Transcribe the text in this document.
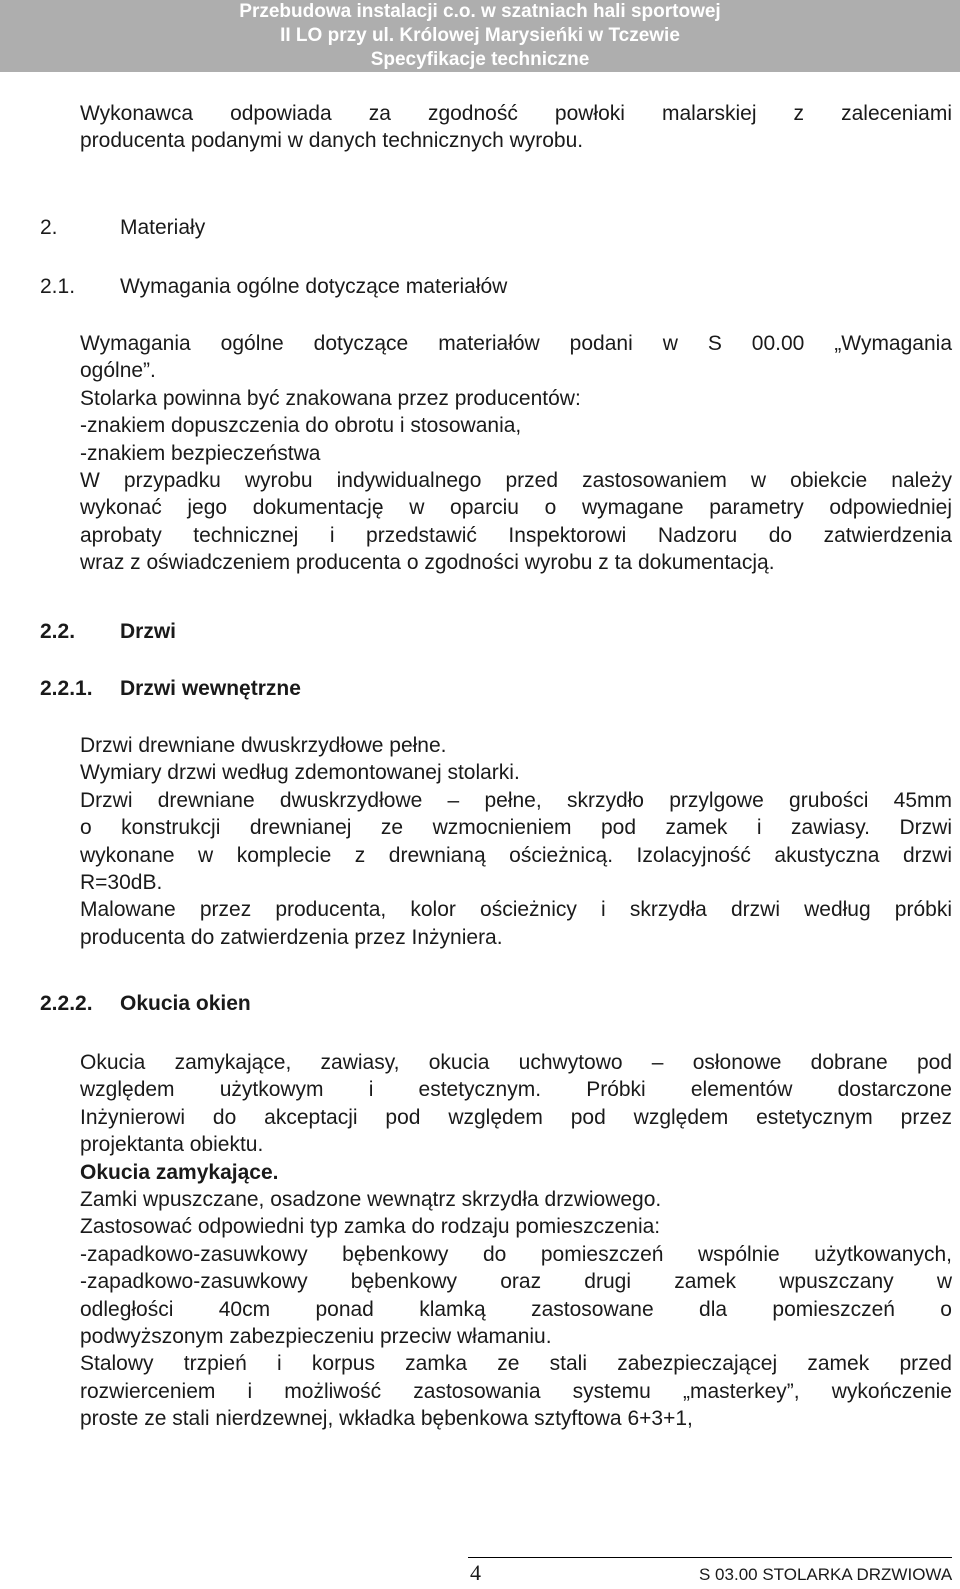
Przebudowa instalacji c.o. w szatniach hali sportowej
II LO przy ul. Królowej Marysieńki w Tczewie
Specyfikacje techniczne
Wykonawca odpowiada za zgodność powłoki malarskiej z zaleceniami
producenta podanymi w danych technicznych wyrobu.
2.	Materiały
2.1. Wymagania ogólne dotyczące materiałów
Wymagania ogólne dotyczące materiałów podani w S 00.00 „Wymagania
ogólne”.
Stolarka powinna być znakowana przez producentów:
-znakiem dopuszczenia do obrotu i stosowania,
-znakiem bezpieczeństwa
W przypadku wyrobu indywidualnego przed zastosowaniem w obiekcie należy
wykonać jego dokumentację w oparciu o wymagane parametry odpowiedniej
aprobaty technicznej i przedstawić Inspektorowi Nadzoru do zatwierdzenia
wraz z oświadczeniem producenta o zgodności wyrobu z ta dokumentacją.
2.2. Drzwi
2.2.1. Drzwi wewnętrzne
Drzwi drewniane dwuskrzydłowe pełne.
Wymiary drzwi według zdemontowanej stolarki.
Drzwi drewniane dwuskrzydłowe – pełne, skrzydło przylgowe grubości 45mm
o konstrukcji drewnianej ze wzmocnieniem pod zamek i zawiasy. Drzwi
wykonane w komplecie z drewnianą ościeżnicą. Izolacyjność akustyczna drzwi
R=30dB.
Malowane przez producenta, kolor ościeżnicy i skrzydła drzwi według próbki
producenta do zatwierdzenia przez Inżyniera.
2.2.2. Okucia okien
Okucia zamykające, zawiasy, okucia uchwytowo – osłonowe dobrane pod
względem użytkowym i estetycznym. Próbki elementów dostarczone
Inżynierowi do akceptacji pod względem pod względem estetycznym przez
projektanta obiektu.
Okucia zamykające.
Zamki wpuszczane, osadzone wewnątrz skrzydła drzwiowego.
Zastosować odpowiedni typ zamka do rodzaju pomieszczenia:
-zapadkowo-zasuwkowy bębenkowy do pomieszczeń wspólnie użytkowanych,
-zapadkowo-zasuwkowy bębenkowy oraz drugi zamek wpuszczany w
odległości 40cm ponad klamką zastosowane dla pomieszczeń o
podwyższonym zabezpieczeniu przeciw włamaniu.
Stalowy trzpień i korpus zamka ze stali zabezpieczającej zamek przed
rozwierceniem i możliwość zastosowania systemu „masterkey”, wykończenie
proste ze stali nierdzewnej, wkładka bębenkowa sztyftowa 6+3+1,
4	S 03.00 STOLARKA DRZWIOWA
